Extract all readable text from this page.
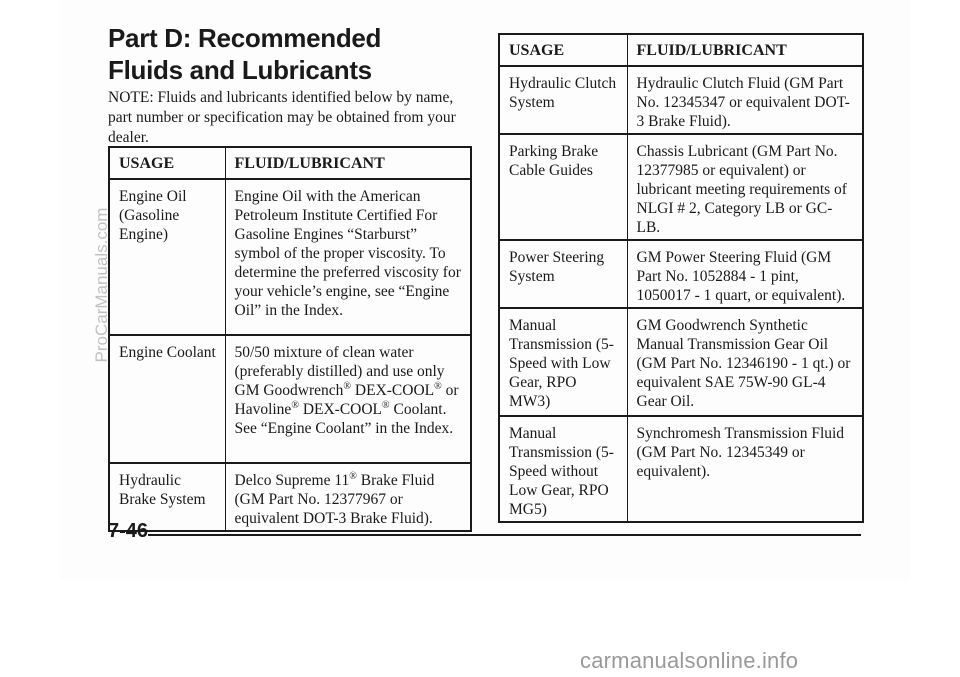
Part D: Recommended Fluids and Lubricants
NOTE: Fluids and lubricants identified below by name, part number or specification may be obtained from your dealer.
USAGE	FLUID/LUBRICANT
Engine Oil (Gasoline Engine)	Engine Oil with the American Petroleum Institute Certified For Gasoline Engines “Starburst” symbol of the proper viscosity. To determine the preferred viscosity for your vehicle’s engine, see “Engine Oil” in the Index.
Engine Coolant	50/50 mixture of clean water (preferably distilled) and use only GM Goodwrench® DEX-COOL® or Havoline® DEX-COOL® Coolant. See “Engine Coolant” in the Index.
Hydraulic Brake System	Delco Supreme 11® Brake Fluid (GM Part No. 12377967 or equivalent DOT-3 Brake Fluid).
USAGE	FLUID/LUBRICANT
Hydraulic Clutch System	Hydraulic Clutch Fluid (GM Part No. 12345347 or equivalent DOT-3 Brake Fluid).
Parking Brake Cable Guides	Chassis Lubricant (GM Part No. 12377985 or equivalent) or lubricant meeting requirements of NLGI # 2, Category LB or GC-LB.
Power Steering System	GM Power Steering Fluid (GM Part No. 1052884 - 1 pint, 1050017 - 1 quart, or equivalent).
Manual Transmission (5-Speed with Low Gear, RPO MW3)	GM Goodwrench Synthetic Manual Transmission Gear Oil (GM Part No. 12346190 - 1 qt.) or equivalent SAE 75W-90 GL-4 Gear Oil.
Manual Transmission (5-Speed without Low Gear, RPO MG5)	Synchromesh Transmission Fluid (GM Part No. 12345349 or equivalent).
7-46
ProCarManuals.com
carmanualsonline.info
